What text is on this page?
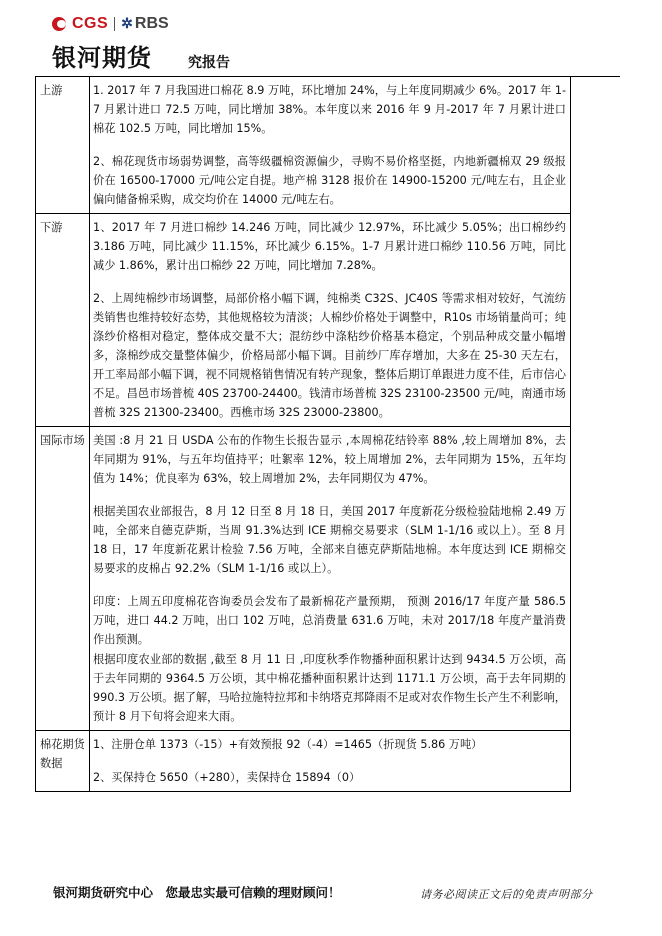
CGS ✲ RBS
银河期货	究报告
上游	1. 2017 年 7 月我国进口棉花 8.9 万吨，环比增加 24%，与上年度同期减少 6%。2017 年 1-7 月累计进口 72.5 万吨，同比增加 38%。本年度以来 2016 年 9 月-2017 年 7 月累计进口棉花 102.5 万吨，同比增加 15%。

2、棉花现货市场弱势调整，高等级疆棉资源偏少，寻购不易价格坚挺，内地新疆棉双 29 级报价在 16500-17000 元/吨公定自提。地产棉 3128 报价在 14900-15200 元/吨左右，且企业偏向储备棉采购，成交均价在 14000 元/吨左右。

下游	1、2017 年 7 月进口棉纱 14.246 万吨，同比减少 12.97%，环比减少 5.05%；出口棉纱约 3.186 万吨，同比减少 11.15%，环比减少 6.15%。1-7 月累计进口棉纱 110.56 万吨，同比减少 1.86%，累计出口棉纱 22 万吨，同比增加 7.28%。

2、上周纯棉纱市场调整，局部价格小幅下调，纯棉类 C32S、JC40S 等需求相对较好，气流纺类销售也维持较好态势，其他规格较为清淡；人棉纱价格处于调整中，R10s 市场销量尚可；纯涤纱价格相对稳定，整体成交量不大；混纺纱中涤粘纱价格基本稳定，个别品种成交量小幅增多，涤棉纱成交量整体偏少，价格局部小幅下调。目前纱厂库存增加，大多在 25-30 天左右，开工率局部小幅下调，视不同规格销售情况有转产现象，整体后期订单跟进力度不佳，后市信心不足。昌邑市场普梳 40S 23700-24400。钱清市场普梳 32S 23100-23500 元/吨，南通市场普梳 32S 21300-23400。西樵市场 32S 23000-23800。

国际市场	美国 :8 月 21 日 USDA 公布的作物生长报告显示 ,本周棉花结铃率 88% ,较上周增加 8%，去年同期为 91%，与五年均值持平；吐絮率 12%，较上周增加 2%，去年同期为 15%，五年均值为 14%；优良率为 63%，较上周增加 2%，去年同期仅为 47%。

根据美国农业部报告，8 月 12 日至 8 月 18 日，美国 2017 年度新花分级检验陆地棉 2.49 万吨，全部来自德克萨斯，当周 91.3%达到 ICE 期棉交易要求（SLM 1-1/16 或以上）。至 8 月 18 日，17 年度新花累计检验 7.56 万吨，全部来自德克萨斯陆地棉。本年度达到 ICE 期棉交易要求的皮棉占 92.2%（SLM 1-1/16 或以上）。

印度：上周五印度棉花咨询委员会发布了最新棉花产量预期， 预测 2016/17 年度产量 586.5 万吨，进口 44.2 万吨，出口 102 万吨，总消费量 631.6 万吨，未对 2017/18 年度产量消费作出预测。

根据印度农业部的数据 ,截至 8 月 11 日 ,印度秋季作物播种面积累计达到 9434.5 万公顷，高于去年同期的 9364.5 万公顷，其中棉花播种面积累计达到 1171.1 万公顷，高于去年同期的 990.3 万公顷。据了解，马哈拉施特拉邦和卡纳塔克邦降雨不足或对农作物生长产生不利影响，预计 8 月下旬将会迎来大雨。

棉花期货数据	1、注册仓单 1373（-15）+有效预报 92（-4）=1465（折现货 5.86 万吨）

2、买保持仓 5650（+280），卖保持仓 15894（0）

银河期货研究中心　您最忠实最可信赖的理财顾问！	请务必阅读正文后的免责声明部分
